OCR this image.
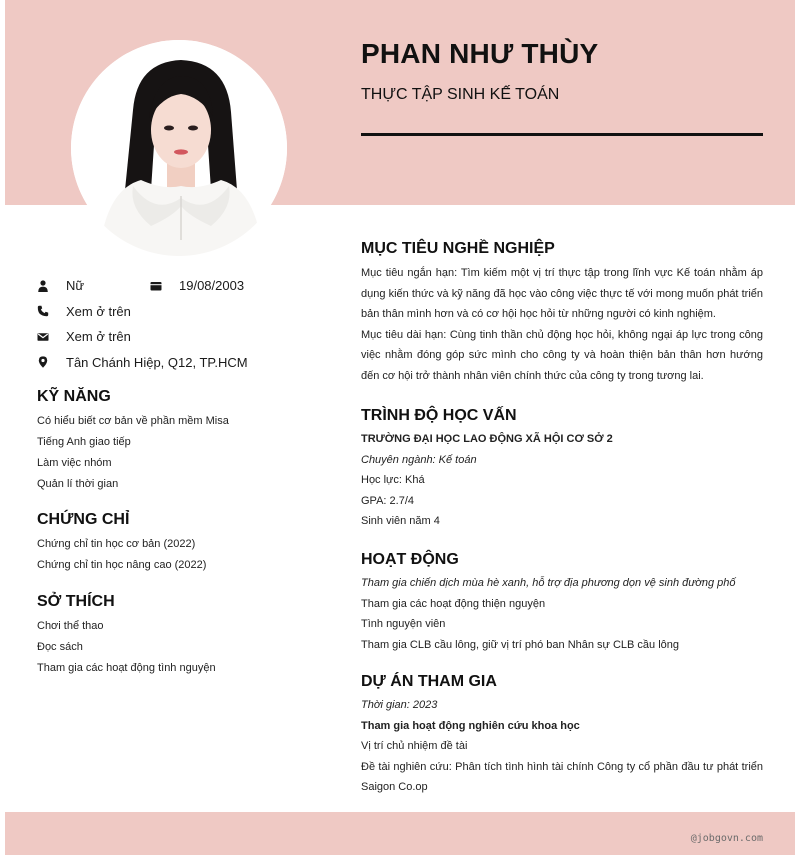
PHAN NHƯ THÙY
THỰC TẬP SINH KẾ TOÁN
Nữ	19/08/2003
Xem ở trên
Xem ở trên
Tân Chánh Hiệp, Q12, TP.HCM
KỸ NĂNG
Có hiểu biết cơ bản về phần mềm Misa
Tiếng Anh giao tiếp
Làm việc nhóm
Quản lí thời gian
CHỨNG CHỈ
Chứng chỉ tin học cơ bản (2022)
Chứng chỉ tin học nâng cao (2022)
SỞ THÍCH
Chơi thể thao
Đọc sách
Tham gia các hoạt động tình nguyện
MỤC TIÊU NGHỀ NGHIỆP
Mục tiêu ngắn hạn: Tìm kiếm một vị trí thực tập trong lĩnh vực Kế toán nhằm áp dụng kiến thức và kỹ năng đã học vào công việc thực tế với mong muốn phát triển bản thân mình hơn và có cơ hội học hỏi từ những người có kinh nghiệm.
Mục tiêu dài hạn: Cùng tinh thần chủ động học hỏi, không ngại áp lực trong công việc nhằm đóng góp sức mình cho công ty và hoàn thiện bản thân hơn hướng đến cơ hội trở thành nhân viên chính thức của công ty trong tương lai.
TRÌNH ĐỘ HỌC VẤN
TRƯỜNG ĐẠI HỌC LAO ĐỘNG XÃ HỘI CƠ SỞ 2
Chuyên ngành: Kế toán
Học lực: Khá
GPA: 2.7/4
Sinh viên năm 4
HOẠT ĐỘNG
Tham gia chiến dịch mùa hè xanh, hỗ trợ địa phương dọn vệ sinh đường phố
Tham gia các hoạt động thiện nguyện
Tình nguyện viên
Tham gia CLB cầu lông, giữ vị trí phó ban Nhân sự CLB cầu lông
DỰ ÁN THAM GIA
Thời gian: 2023
Tham gia hoạt động nghiên cứu khoa học
Vị trí chủ nhiệm đề tài
Đề tài nghiên cứu: Phân tích tình hình tài chính Công ty cổ phần đầu tư phát triển Saigon Co.op
@jobgovn.com
